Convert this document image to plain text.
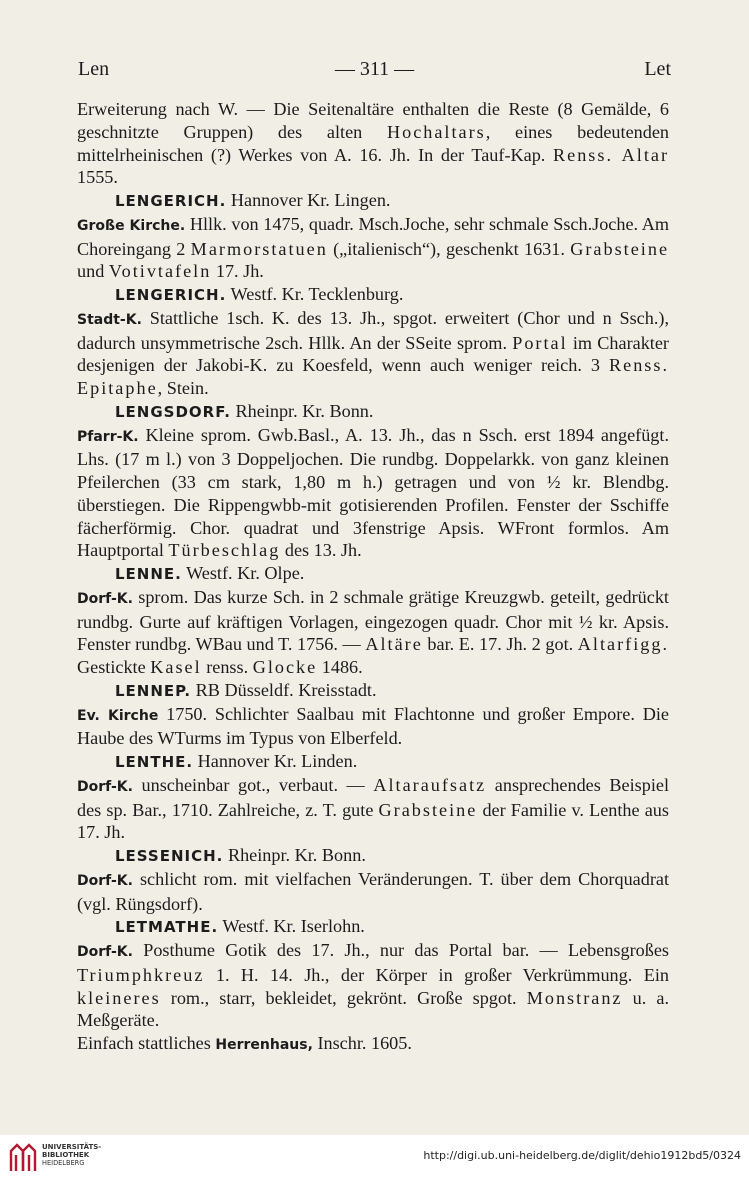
Len	— 311 —	Let

Erweiterung nach W. — Die Seitenaltäre enthalten die Reste (8 Gemälde, 6 geschnitzte Gruppen) des alten Hochaltars, eines bedeutenden mittelrheinischen (?) Werkes von A. 16. Jh. In der Tauf-Kap. Renss. Altar 1555.

LENGERICH. Hannover Kr. Lingen.

Große Kirche. Hllk. von 1475, quadr. Msch.Joche, sehr schmale Ssch.Joche. Am Choreingang 2 Marmorstatuen („italienisch“), geschenkt 1631. Grabsteine und Votivtafeln 17. Jh.

LENGERICH. Westf. Kr. Tecklenburg.

Stadt-K. Stattliche 1sch. K. des 13. Jh., spgot. erweitert (Chor und n Ssch.), dadurch unsymmetrische 2sch. Hllk. An der SSeite sprom. Portal im Charakter desjenigen der Jakobi-K. zu Koesfeld, wenn auch weniger reich. 3 Renss. Epitaphe, Stein.

LENGSDORF. Rheinpr. Kr. Bonn.

Pfarr-K. Kleine sprom. Gwb.Basl., A. 13. Jh., das n Ssch. erst 1894 angefügt. Lhs. (17 m l.) von 3 Doppeljochen. Die rundbg. Doppelarkk. von ganz kleinen Pfeilerchen (33 cm stark, 1,80 m h.) getragen und von ½ kr. Blendbg. überstiegen. Die Rippengwbb-mit gotisierenden Profilen. Fenster der Sschiffe fächerförmig. Chor. quadrat und 3fenstrige Apsis. WFront formlos. Am Hauptportal Türbeschlag des 13. Jh.

LENNE. Westf. Kr. Olpe.

Dorf-K. sprom. Das kurze Sch. in 2 schmale grätige Kreuzgwb. geteilt, gedrückt rundbg. Gurte auf kräftigen Vorlagen, eingezogen quadr. Chor mit ½ kr. Apsis. Fenster rundbg. WBau und T. 1756. — Altäre bar. E. 17. Jh. 2 got. Altarfigg. Gestickte Kasel renss. Glocke 1486.

LENNEP. RB Düsseldf. Kreisstadt.

Ev. Kirche 1750. Schlichter Saalbau mit Flachtonne und großer Empore. Die Haube des WTurms im Typus von Elberfeld.

LENTHE. Hannover Kr. Linden.

Dorf-K. unscheinbar got., verbaut. — Altaraufsatz ansprechendes Beispiel des sp. Bar., 1710. Zahlreiche, z. T. gute Grabsteine der Familie v. Lenthe aus 17. Jh.

LESSENICH. Rheinpr. Kr. Bonn.

Dorf-K. schlicht rom. mit vielfachen Veränderungen. T. über dem Chorquadrat (vgl. Rüngsdorf).

LETMATHE. Westf. Kr. Iserlohn.

Dorf-K. Posthume Gotik des 17. Jh., nur das Portal bar. — Lebensgroßes Triumphkreuz 1. H. 14. Jh., der Körper in großer Verkrümmung. Ein kleineres rom., starr, bekleidet, gekrönt. Große spgot. Monstranz u. a. Meßgeräte.

Einfach stattliches Herrenhaus, Inschr. 1605.

UNIVERSITÄTS-
BIBLIOTHEK
HEIDELBERG
http://digi.ub.uni-heidelberg.de/diglit/dehio1912bd5/0324
